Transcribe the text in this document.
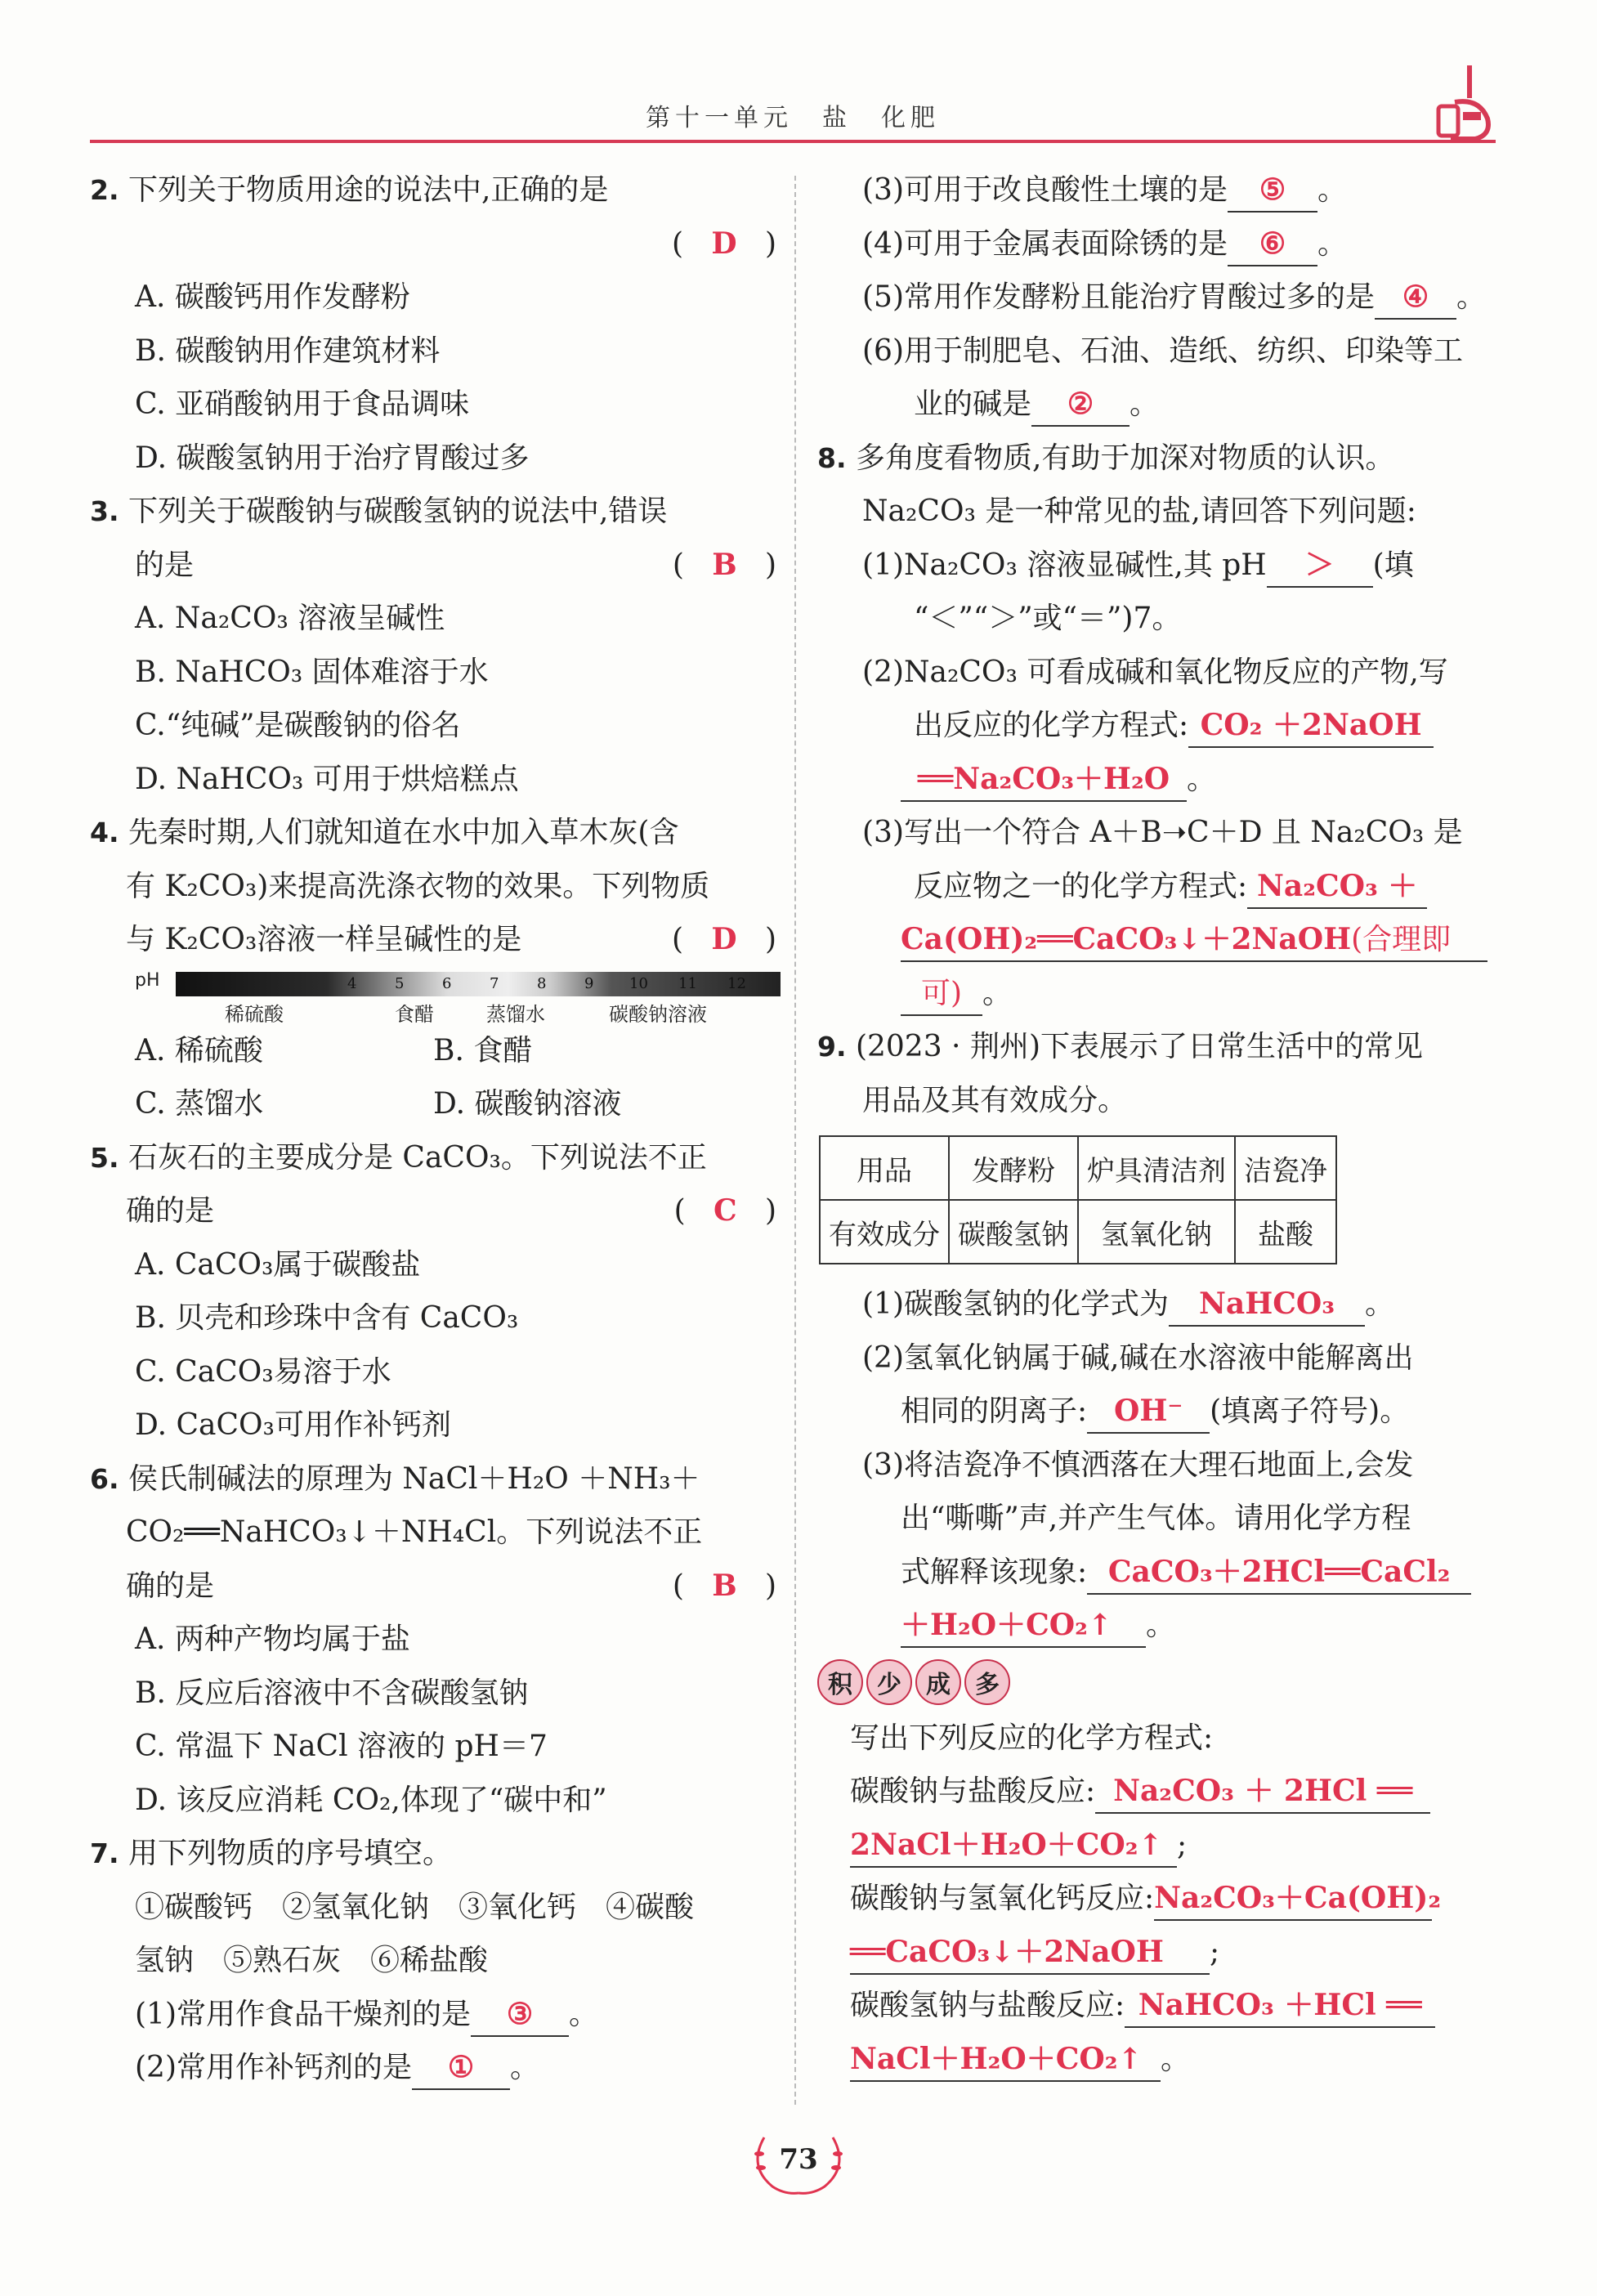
第十一单元　盐　化肥
2. 下列关于物质用途的说法中,正确的是
(   D   )
A. 碳酸钙用作发酵粉
B. 碳酸钠用作建筑材料
C. 亚硝酸钠用于食品调味
D. 碳酸氢钠用于治疗胃酸过多
3. 下列关于碳酸钠与碳酸氢钠的说法中,错误
的是	(   B   )
A. Na₂CO₃ 溶液呈碱性
B. NaHCO₃ 固体难溶于水
C.“纯碱”是碳酸钠的俗名
D. NaHCO₃ 可用于烘焙糕点
4. 先秦时期,人们就知道在水中加入草木灰(含
有 K₂CO₃)来提高洗涤衣物的效果。下列物质
与 K₂CO₃溶液一样呈碱性的是	(   D   )
pH	4	5	6	7	8	9 10 11 12
稀硫酸	食醋	蒸馏水	碳酸钠溶液
A. 稀硫酸	B. 食醋
C. 蒸馏水	D. 碳酸钠溶液
5. 石灰石的主要成分是 CaCO₃。下列说法不正
确的是	(   C   )
A. CaCO₃属于碳酸盐
B. 贝壳和珍珠中含有 CaCO₃
C. CaCO₃易溶于水
D. CaCO₃可用作补钙剂
6. 侯氏制碱法的原理为 NaCl＋H₂O ＋NH₃＋
CO₂══NaHCO₃↓＋NH₄Cl。下列说法不正
确的是	(   B   )
A. 两种产物均属于盐
B. 反应后溶液中不含碳酸氢钠
C. 常温下 NaCl 溶液的 pH＝7
D. 该反应消耗 CO₂,体现了“碳中和”
7. 用下列物质的序号填空。
①碳酸钙　②氢氧化钠　③氧化钙　④碳酸
氢钠　⑤熟石灰　⑥稀盐酸
(1)常用作食品干燥剂的是 ③ 。
(2)常用作补钙剂的是 ① 。
(3)可用于改良酸性土壤的是 ⑤ 。
(4)可用于金属表面除锈的是 ⑥ 。
(5)常用作发酵粉且能治疗胃酸过多的是 ④ 。
(6)用于制肥皂、石油、造纸、纺织、印染等工
业的碱是 ② 。
8. 多角度看物质,有助于加深对物质的认识。
Na₂CO₃ 是一种常见的盐,请回答下列问题:
(1)Na₂CO₃ 溶液显碱性,其 pH ＞ (填
“＜”“＞”或“＝”)7。
(2)Na₂CO₃ 可看成碱和氧化物反应的产物,写
出反应的化学方程式: CO₂ ＋2NaOH
══Na₂CO₃＋H₂O 。
(3)写出一个符合 A＋B➝C＋D 且 Na₂CO₃ 是
反应物之一的化学方程式: Na₂CO₃ ＋
Ca(OH)₂══CaCO₃↓＋2NaOH(合理即
可) 。
9. (2023 · 荆州)下表展示了日常生活中的常见
用品及其有效成分。
用品	发酵粉	炉具清洁剂	洁瓷净
有效成分	碳酸氢钠	氢氧化钠	盐酸
(1)碳酸氢钠的化学式为 NaHCO₃ 。
(2)氢氧化钠属于碱,碱在水溶液中能解离出
相同的阴离子: OH⁻ (填离子符号)。
(3)将洁瓷净不慎洒落在大理石地面上,会发
出“嘶嘶”声,并产生气体。请用化学方程
式解释该现象: CaCO₃＋2HCl══CaCl₂
＋H₂O＋CO₂↑ 。
积	少	成	多
写出下列反应的化学方程式:
碳酸钠与盐酸反应: Na₂CO₃ ＋ 2HCl ══
2NaCl＋H₂O＋CO₂↑ ;
碳酸钠与氢氧化钙反应:Na₂CO₃＋Ca(OH)₂
══CaCO₃↓＋2NaOH ;
碳酸氢钠与盐酸反应: NaHCO₃ ＋HCl ══
NaCl＋H₂O＋CO₂↑ 。
73
